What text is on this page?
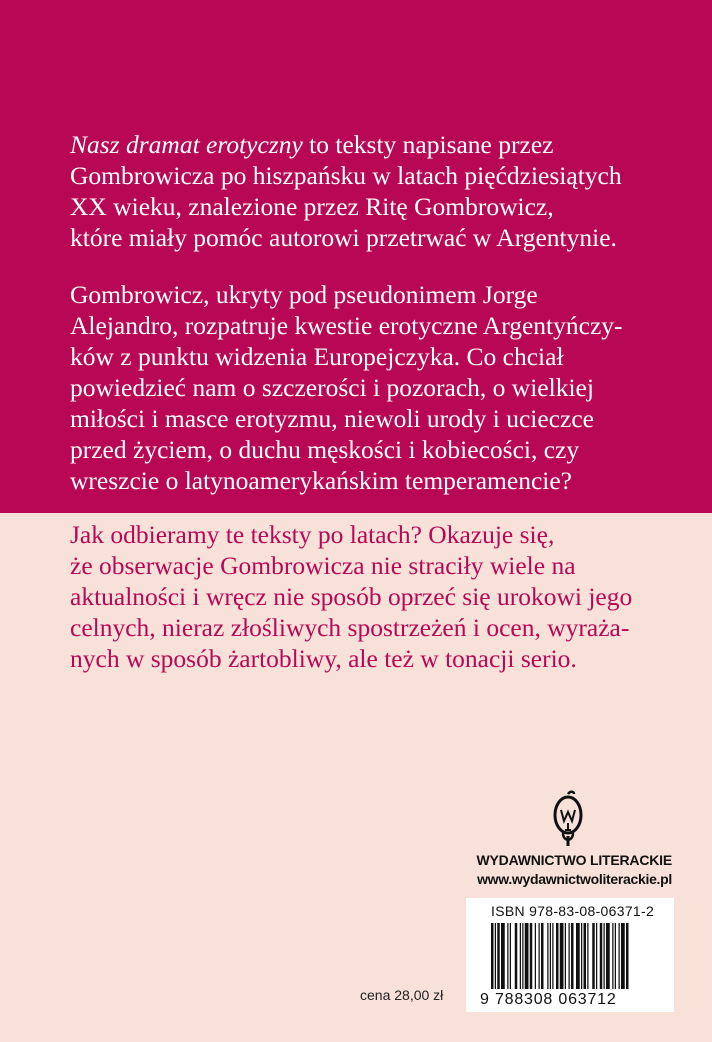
Nasz dramat erotyczny to teksty napisane przez
Gombrowicza po hiszpańsku w latach pięćdziesiątych
XX wieku, znalezione przez Ritę Gombrowicz,
które miały pomóc autorowi przetrwać w Argentynie.
Gombrowicz, ukryty pod pseudonimem Jorge
Alejandro, rozpatruje kwestie erotyczne Argentyńczy-
ków z punktu widzenia Europejczyka. Co chciał
powiedzieć nam o szczerości i pozorach, o wielkiej
miłości i masce erotyzmu, niewoli urody i ucieczce
przed życiem, o duchu męskości i kobiecości, czy
wreszcie o latynoamerykańskim temperamencie?
Jak odbieramy te teksty po latach? Okazuje się,
że obserwacje Gombrowicza nie straciły wiele na
aktualności i wręcz nie sposób oprzeć się urokowi jego
celnych, nieraz złośliwych spostrzeżeń i ocen, wyraża-
nych w sposób żartobliwy, ale też w tonacji serio.
WYDAWNICTWO LITERACKIE
www.wydawnictwoliterackie.pl
ISBN 978-83-08-06371-2
9 788308 063712
cena 28,00 zł
